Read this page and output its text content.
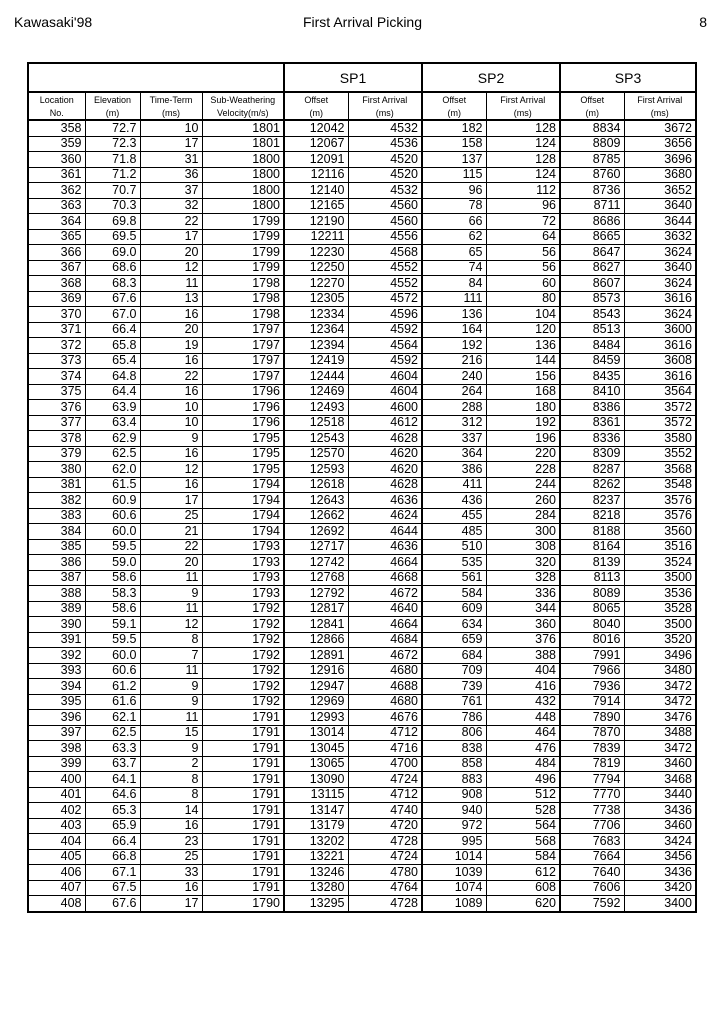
Kawasaki'98	First Arrival Picking	8
				SP1		SP2		SP3	
Location	Elevation	Time-Term	Sub-Weathering	Offset	First Arrival	Offset	First Arrival	Offset	First Arrival
No.	(m)	(ms)	Velocity(m/s)	(m)	(ms)	(m)	(ms)	(m)	(ms)
358	72.7	10	1801	12042	4532	182	128	8834	3672
359	72.3	17	1801	12067	4536	158	124	8809	3656
360	71.8	31	1800	12091	4520	137	128	8785	3696
361	71.2	36	1800	12116	4520	115	124	8760	3680
362	70.7	37	1800	12140	4532	96	112	8736	3652
363	70.3	32	1800	12165	4560	78	96	8711	3640
364	69.8	22	1799	12190	4560	66	72	8686	3644
365	69.5	17	1799	12211	4556	62	64	8665	3632
366	69.0	20	1799	12230	4568	65	56	8647	3624
367	68.6	12	1799	12250	4552	74	56	8627	3640
368	68.3	11	1798	12270	4552	84	60	8607	3624
369	67.6	13	1798	12305	4572	111	80	8573	3616
370	67.0	16	1798	12334	4596	136	104	8543	3624
371	66.4	20	1797	12364	4592	164	120	8513	3600
372	65.8	19	1797	12394	4564	192	136	8484	3616
373	65.4	16	1797	12419	4592	216	144	8459	3608
374	64.8	22	1797	12444	4604	240	156	8435	3616
375	64.4	16	1796	12469	4604	264	168	8410	3564
376	63.9	10	1796	12493	4600	288	180	8386	3572
377	63.4	10	1796	12518	4612	312	192	8361	3572
378	62.9	9	1795	12543	4628	337	196	8336	3580
379	62.5	16	1795	12570	4620	364	220	8309	3552
380	62.0	12	1795	12593	4620	386	228	8287	3568
381	61.5	16	1794	12618	4628	411	244	8262	3548
382	60.9	17	1794	12643	4636	436	260	8237	3576
383	60.6	25	1794	12662	4624	455	284	8218	3576
384	60.0	21	1794	12692	4644	485	300	8188	3560
385	59.5	22	1793	12717	4636	510	308	8164	3516
386	59.0	20	1793	12742	4664	535	320	8139	3524
387	58.6	11	1793	12768	4668	561	328	8113	3500
388	58.3	9	1793	12792	4672	584	336	8089	3536
389	58.6	11	1792	12817	4640	609	344	8065	3528
390	59.1	12	1792	12841	4664	634	360	8040	3500
391	59.5	8	1792	12866	4684	659	376	8016	3520
392	60.0	7	1792	12891	4672	684	388	7991	3496
393	60.6	11	1792	12916	4680	709	404	7966	3480
394	61.2	9	1792	12947	4688	739	416	7936	3472
395	61.6	9	1792	12969	4680	761	432	7914	3472
396	62.1	11	1791	12993	4676	786	448	7890	3476
397	62.5	15	1791	13014	4712	806	464	7870	3488
398	63.3	9	1791	13045	4716	838	476	7839	3472
399	63.7	2	1791	13065	4700	858	484	7819	3460
400	64.1	8	1791	13090	4724	883	496	7794	3468
401	64.6	8	1791	13115	4712	908	512	7770	3440
402	65.3	14	1791	13147	4740	940	528	7738	3436
403	65.9	16	1791	13179	4720	972	564	7706	3460
404	66.4	23	1791	13202	4728	995	568	7683	3424
405	66.8	25	1791	13221	4724	1014	584	7664	3456
406	67.1	33	1791	13246	4780	1039	612	7640	3436
407	67.5	16	1791	13280	4764	1074	608	7606	3420
408	67.6	17	1790	13295	4728	1089	620	7592	3400
